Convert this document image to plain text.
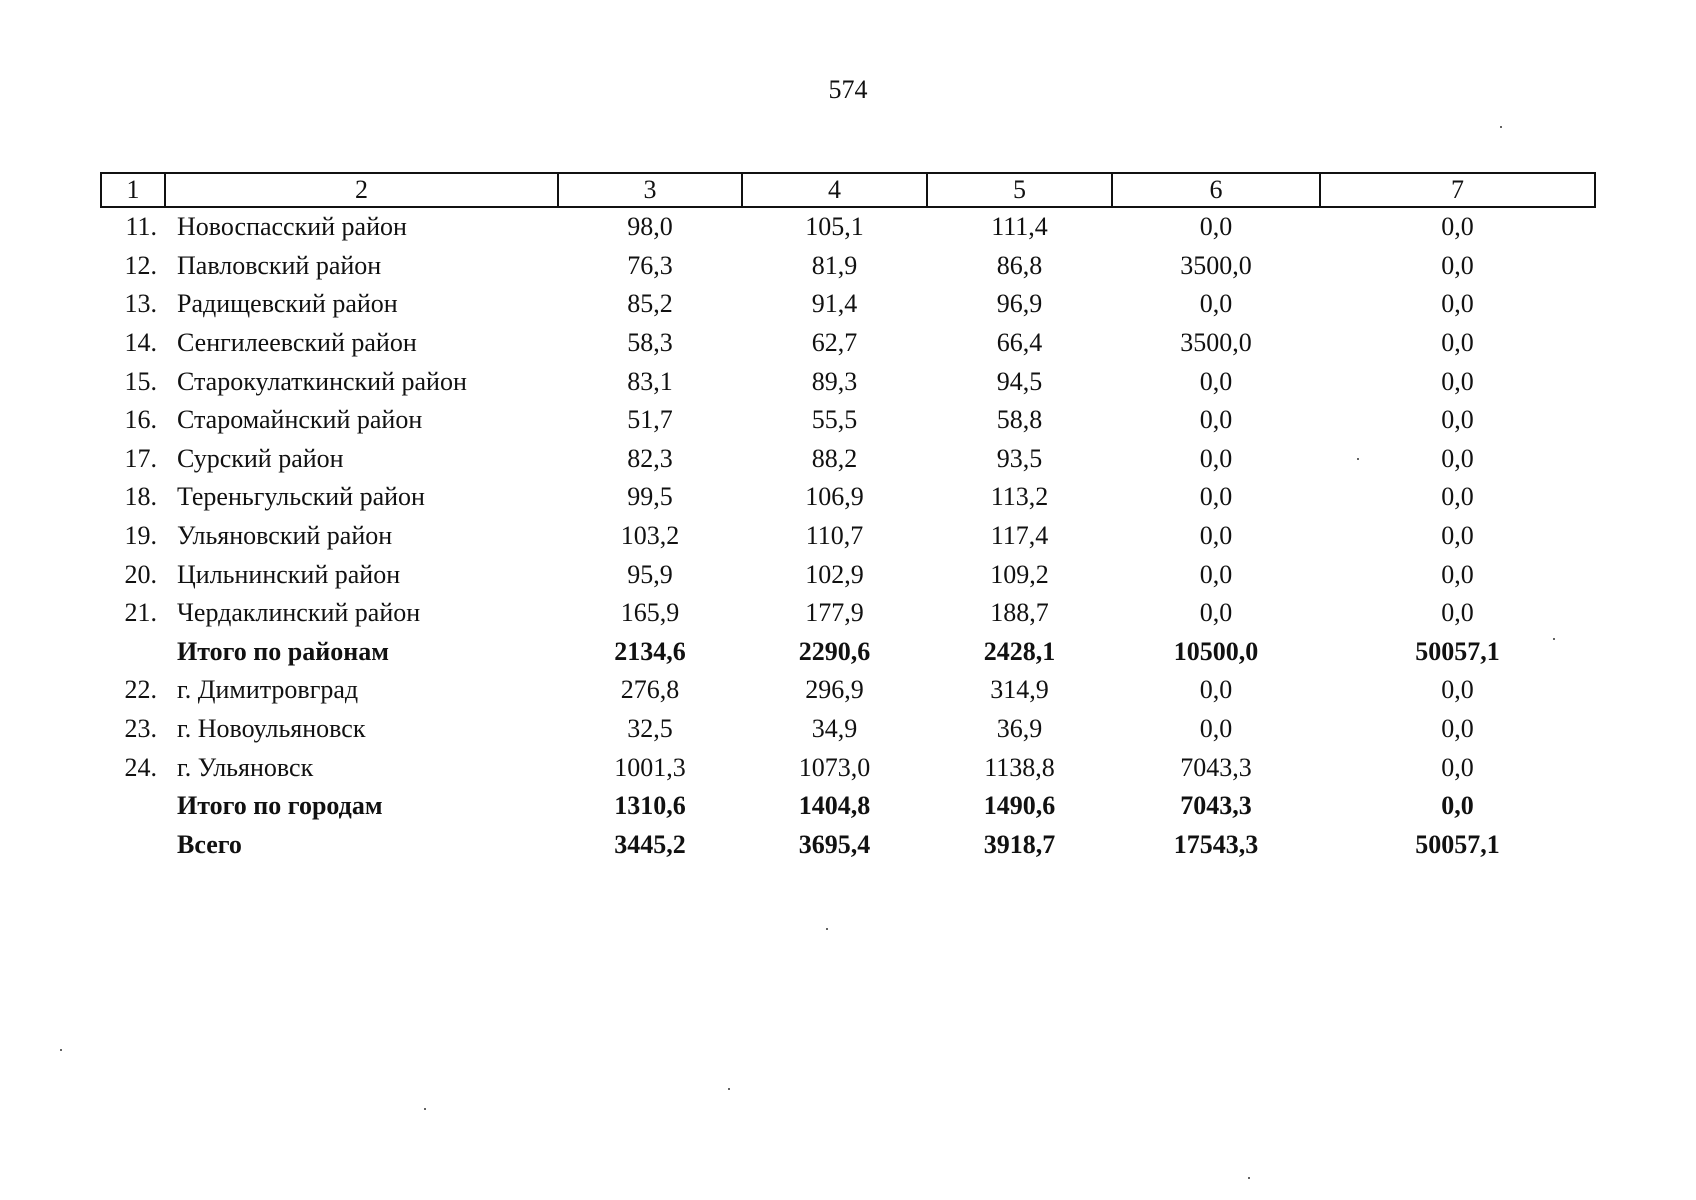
574
1	2	3	4	5	6	7
11.	Новоспасский район	98,0	105,1	111,4	0,0	0,0
12.	Павловский район	76,3	81,9	86,8	3500,0	0,0
13.	Радищевский район	85,2	91,4	96,9	0,0	0,0
14.	Сенгилеевский район	58,3	62,7	66,4	3500,0	0,0
15.	Старокулаткинский район	83,1	89,3	94,5	0,0	0,0
16.	Старомайнский район	51,7	55,5	58,8	0,0	0,0
17.	Сурский район	82,3	88,2	93,5	0,0	0,0
18.	Тереньгульский район	99,5	106,9	113,2	0,0	0,0
19.	Ульяновский район	103,2	110,7	117,4	0,0	0,0
20.	Цильнинский район	95,9	102,9	109,2	0,0	0,0
21.	Чердаклинский район	165,9	177,9	188,7	0,0	0,0
	Итого по районам	2134,6	2290,6	2428,1	10500,0	50057,1
22.	г. Димитровград	276,8	296,9	314,9	0,0	0,0
23.	г. Новоульяновск	32,5	34,9	36,9	0,0	0,0
24.	г. Ульяновск	1001,3	1073,0	1138,8	7043,3	0,0
	Итого по городам	1310,6	1404,8	1490,6	7043,3	0,0
	Всего	3445,2	3695,4	3918,7	17543,3	50057,1
